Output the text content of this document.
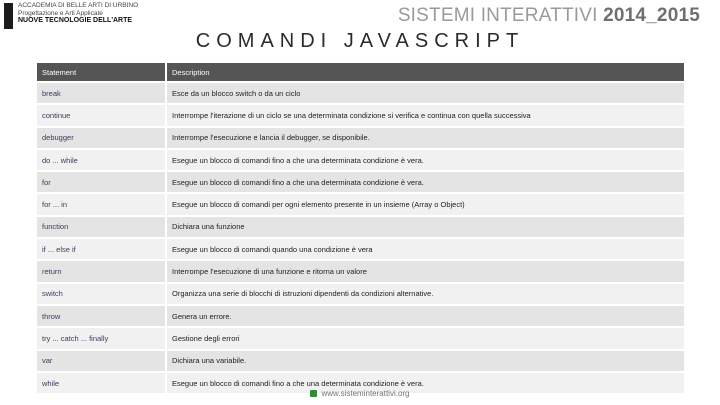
ACCADEMIA DI BELLE ARTI DI URBINO
Progettazione e Arti Applicate
NUOVE TECNOLOGIE DELL'ARTE	SISTEMI INTERATTIVI 2014_2015
COMANDI JAVASCRIPT
Statement	Description
break	Esce da un blocco switch o da un ciclo
continue	Interrompe l'iterazione di un ciclo se una determinata condizione si verifica e continua con quella successiva
debugger	Interrompe l'esecuzione e lancia il debugger, se disponibile.
do ... while	Esegue un blocco di comandi fino a che una determinata condizione è vera.
for	Esegue un blocco di comandi fino a che una determinata condizione è vera.
for ... in	Esegue un blocco di comandi per ogni elemento presente in un insieme (Array o Object)
function	Dichiara una funzione
if ... else if	Esegue un blocco di comandi quando una condizione è vera
return	Interrompe l'esecuzione di una funzione e ritorna un valore
switch	Organizza una serie di blocchi di istruzioni dipendenti da condizioni alternative.
throw	Genera un errore.
try ... catch ... finally	Gestione degli errori
var	Dichiara una variabile.
while	Esegue un blocco di comandi fino a che una determinata condizione è vera.
www.sisteminterattivi.org
